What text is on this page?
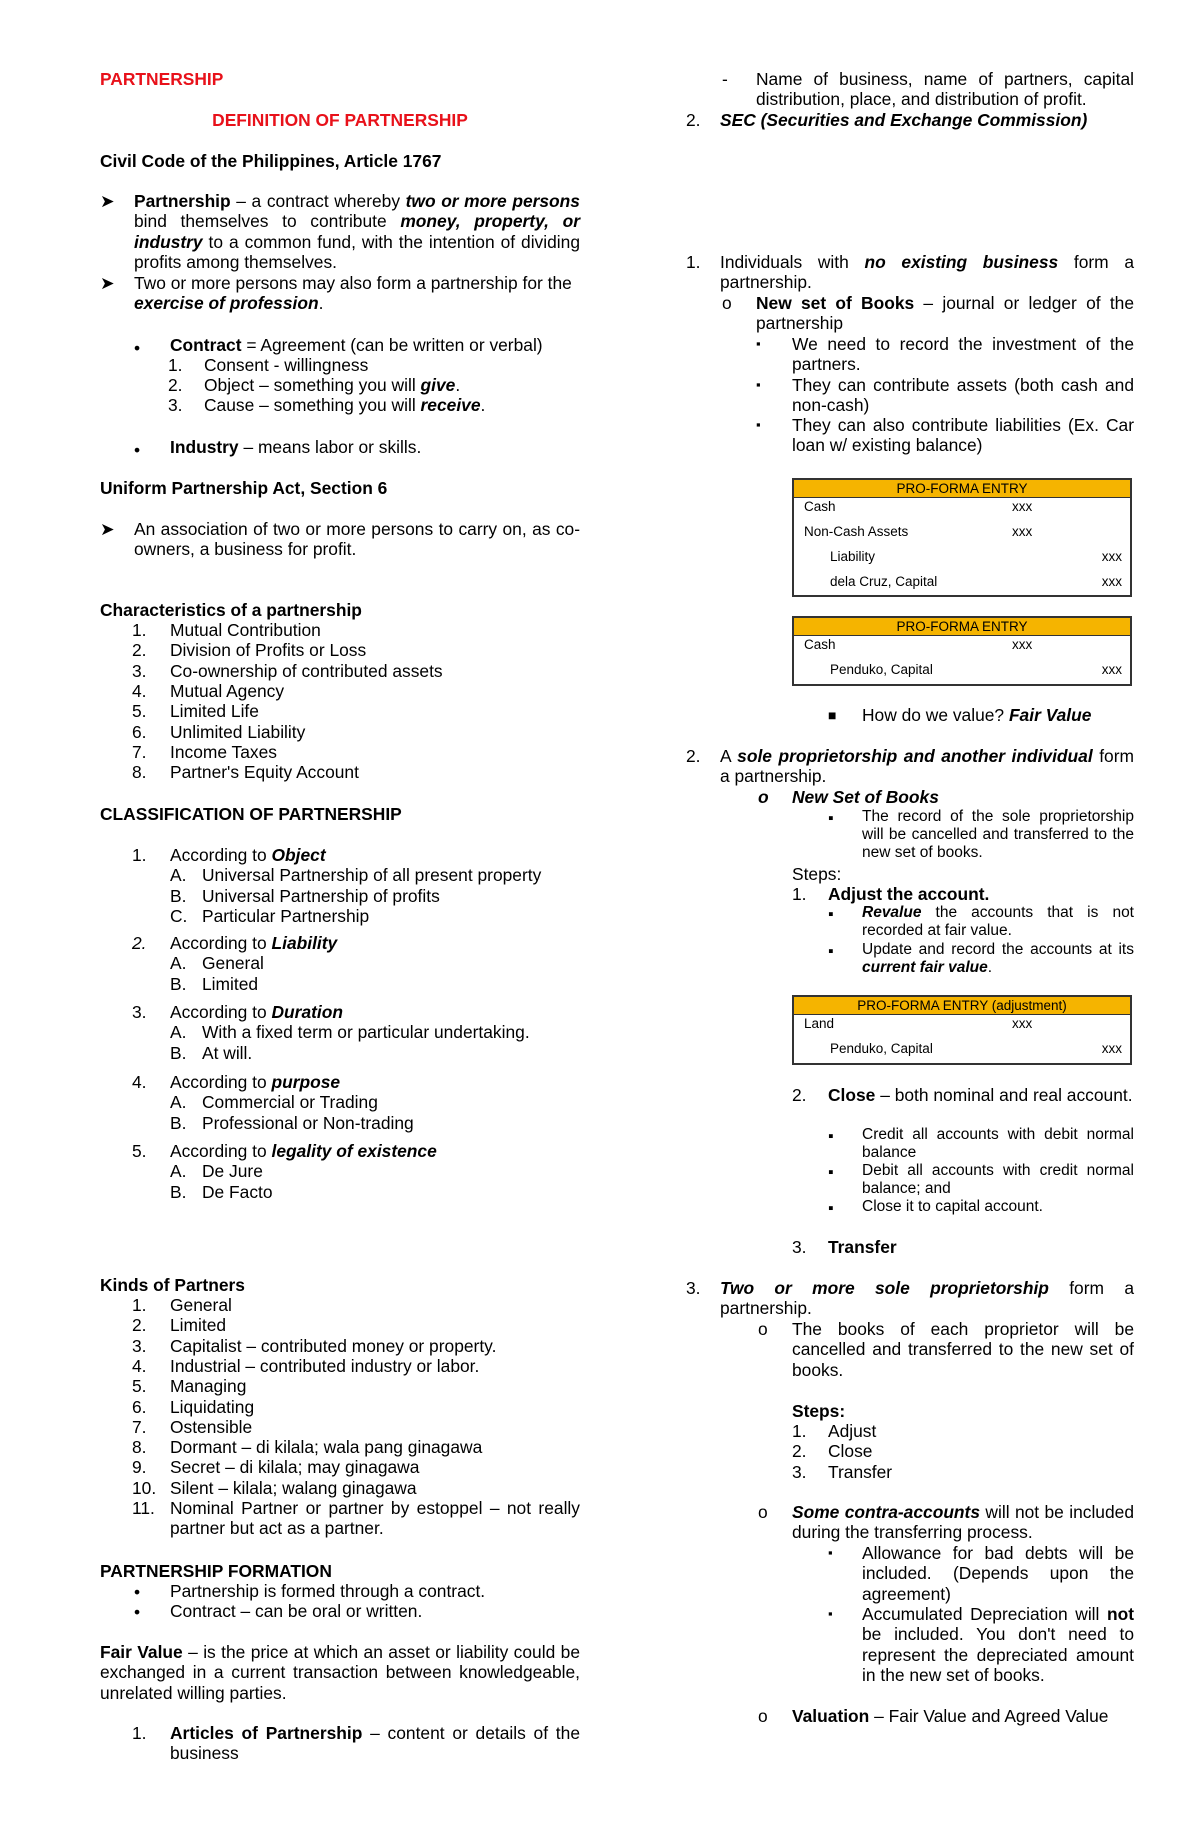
PARTNERSHIP
DEFINITION OF PARTNERSHIP
Civil Code of the Philippines, Article 1767
➤ Partnership – a contract whereby two or more persons bind themselves to contribute money, property, or industry to a common fund, with the intention of dividing profits among themselves.
➤ Two or more persons may also form a partnership for the exercise of profession.
• Contract = Agreement (can be written or verbal)
1. Consent - willingness
2. Object – something you will give.
3. Cause – something you will receive.
• Industry – means labor or skills.
Uniform Partnership Act, Section 6
➤ An association of two or more persons to carry on, as co-owners, a business for profit.
Characteristics of a partnership
1. Mutual Contribution
2. Division of Profits or Loss
3. Co-ownership of contributed assets
4. Mutual Agency
5. Limited Life
6. Unlimited Liability
7. Income Taxes
8. Partner's Equity Account
CLASSIFICATION OF PARTNERSHIP
1. According to Object
A. Universal Partnership of all present property
B. Universal Partnership of profits
C. Particular Partnership
2. According to Liability
A. General
B. Limited
3. According to Duration
A. With a fixed term or particular undertaking.
B. At will.
4. According to purpose
A. Commercial or Trading
B. Professional or Non-trading
5. According to legality of existence
A. De Jure
B. De Facto
Kinds of Partners
1. General
2. Limited
3. Capitalist – contributed money or property.
4. Industrial – contributed industry or labor.
5. Managing
6. Liquidating
7. Ostensible
8. Dormant – di kilala; wala pang ginagawa
9. Secret – di kilala; may ginagawa
10. Silent – kilala; walang ginagawa
11. Nominal Partner or partner by estoppel – not really partner but act as a partner.
PARTNERSHIP FORMATION
• Partnership is formed through a contract.
• Contract – can be oral or written.
Fair Value – is the price at which an asset or liability could be exchanged in a current transaction between knowledgeable, unrelated willing parties.
1. Articles of Partnership – content or details of the business
- Name of business, name of partners, capital distribution, place, and distribution of profit.
2. SEC (Securities and Exchange Commission)
1. Individuals with no existing business form a partnership.
o New set of Books – journal or ledger of the partnership
▪ We need to record the investment of the partners.
▪ They can contribute assets (both cash and non-cash)
▪ They can also contribute liabilities (Ex. Car loan w/ existing balance)
PRO-FORMA ENTRY
Cash	xxx
Non-Cash Assets	xxx
Liability	xxx
dela Cruz, Capital	xxx
PRO-FORMA ENTRY
Cash	xxx
Penduko, Capital	xxx
■ How do we value? Fair Value
2. A sole proprietorship and another individual form a partnership.
o New Set of Books
▪ The record of the sole proprietorship will be cancelled and transferred to the new set of books.
Steps:
1. Adjust the account.
▪ Revalue the accounts that is not recorded at fair value.
▪ Update and record the accounts at its current fair value.
PRO-FORMA ENTRY (adjustment)
Land	xxx
Penduko, Capital	xxx
2. Close – both nominal and real account.
▪ Credit all accounts with debit normal balance
▪ Debit all accounts with credit normal balance; and
▪ Close it to capital account.
3. Transfer
3. Two or more sole proprietorship form a partnership.
o The books of each proprietor will be cancelled and transferred to the new set of books.
Steps:
1. Adjust
2. Close
3. Transfer
o Some contra-accounts will not be included during the transferring process.
▪ Allowance for bad debts will be included. (Depends upon the agreement)
▪ Accumulated Depreciation will not be included. You don't need to represent the depreciated amount in the new set of books.
o Valuation – Fair Value and Agreed Value
